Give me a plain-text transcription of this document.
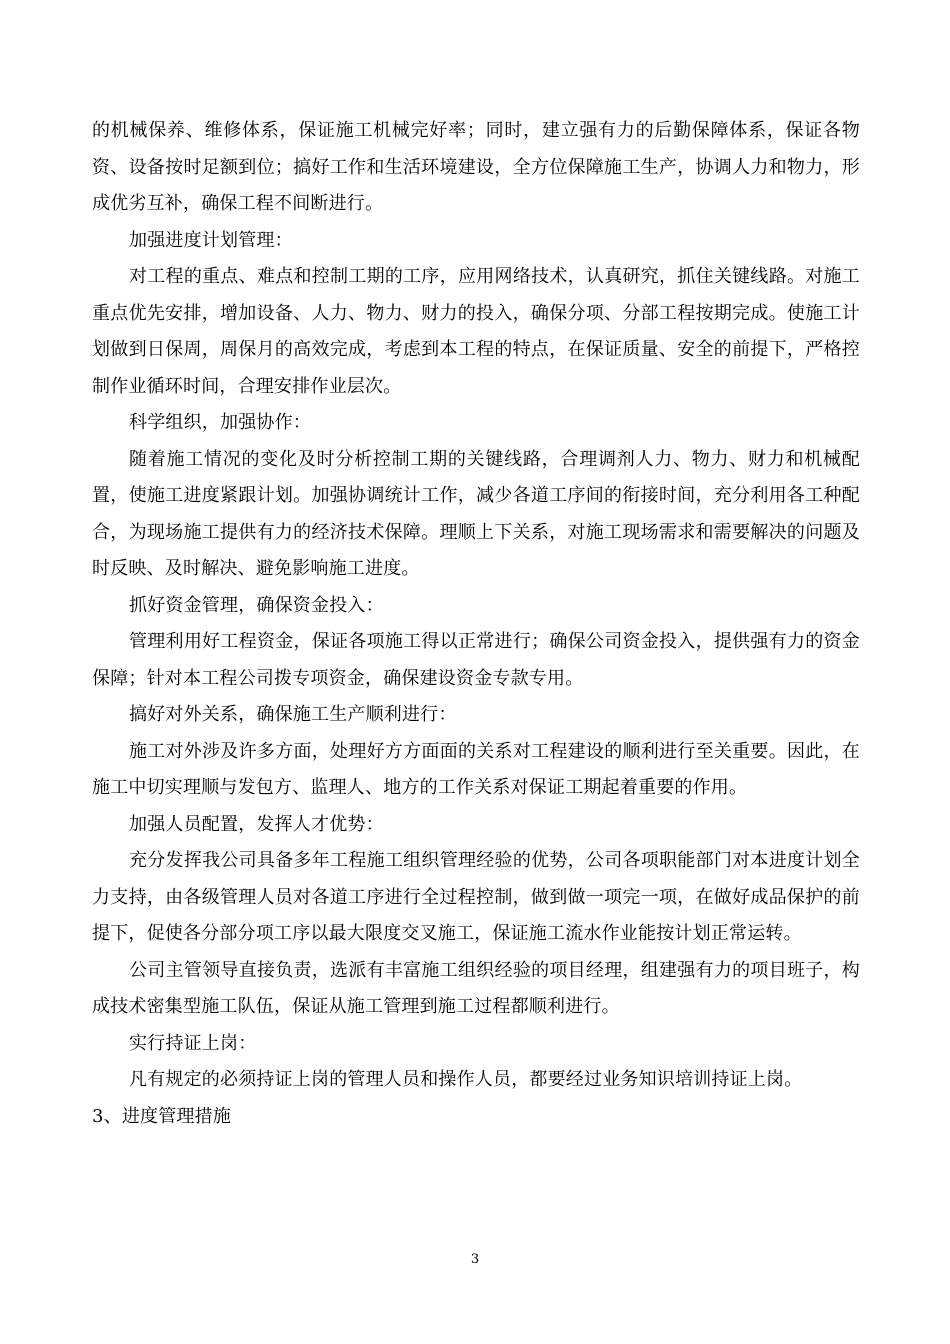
的机械保养、维修体系，保证施工机械完好率；同时，建立强有力的后勤保障体系，保证各物资、设备按时足额到位；搞好工作和生活环境建设，全方位保障施工生产，协调人力和物力，形成优劣互补，确保工程不间断进行。

加强进度计划管理：

对工程的重点、难点和控制工期的工序，应用网络技术，认真研究，抓住关键线路。对施工重点优先安排，增加设备、人力、物力、财力的投入，确保分项、分部工程按期完成。使施工计划做到日保周，周保月的高效完成，考虑到本工程的特点，在保证质量、安全的前提下，严格控制作业循环时间，合理安排作业层次。

科学组织，加强协作：

随着施工情况的变化及时分析控制工期的关键线路，合理调剂人力、物力、财力和机械配置，使施工进度紧跟计划。加强协调统计工作，减少各道工序间的衔接时间，充分利用各工种配合，为现场施工提供有力的经济技术保障。理顺上下关系，对施工现场需求和需要解决的问题及时反映、及时解决、避免影响施工进度。

抓好资金管理，确保资金投入：

管理利用好工程资金，保证各项施工得以正常进行；确保公司资金投入，提供强有力的资金保障；针对本工程公司拨专项资金，确保建设资金专款专用。

搞好对外关系，确保施工生产顺利进行：

施工对外涉及许多方面，处理好方方面面的关系对工程建设的顺利进行至关重要。因此，在施工中切实理顺与发包方、监理人、地方的工作关系对保证工期起着重要的作用。

加强人员配置，发挥人才优势：

充分发挥我公司具备多年工程施工组织管理经验的优势，公司各项职能部门对本进度计划全力支持，由各级管理人员对各道工序进行全过程控制，做到做一项完一项，在做好成品保护的前提下，促使各分部分项工序以最大限度交叉施工，保证施工流水作业能按计划正常运转。

公司主管领导直接负责，选派有丰富施工组织经验的项目经理，组建强有力的项目班子，构成技术密集型施工队伍，保证从施工管理到施工过程都顺利进行。

实行持证上岗：

凡有规定的必须持证上岗的管理人员和操作人员，都要经过业务知识培训持证上岗。

3、进度管理措施

3
